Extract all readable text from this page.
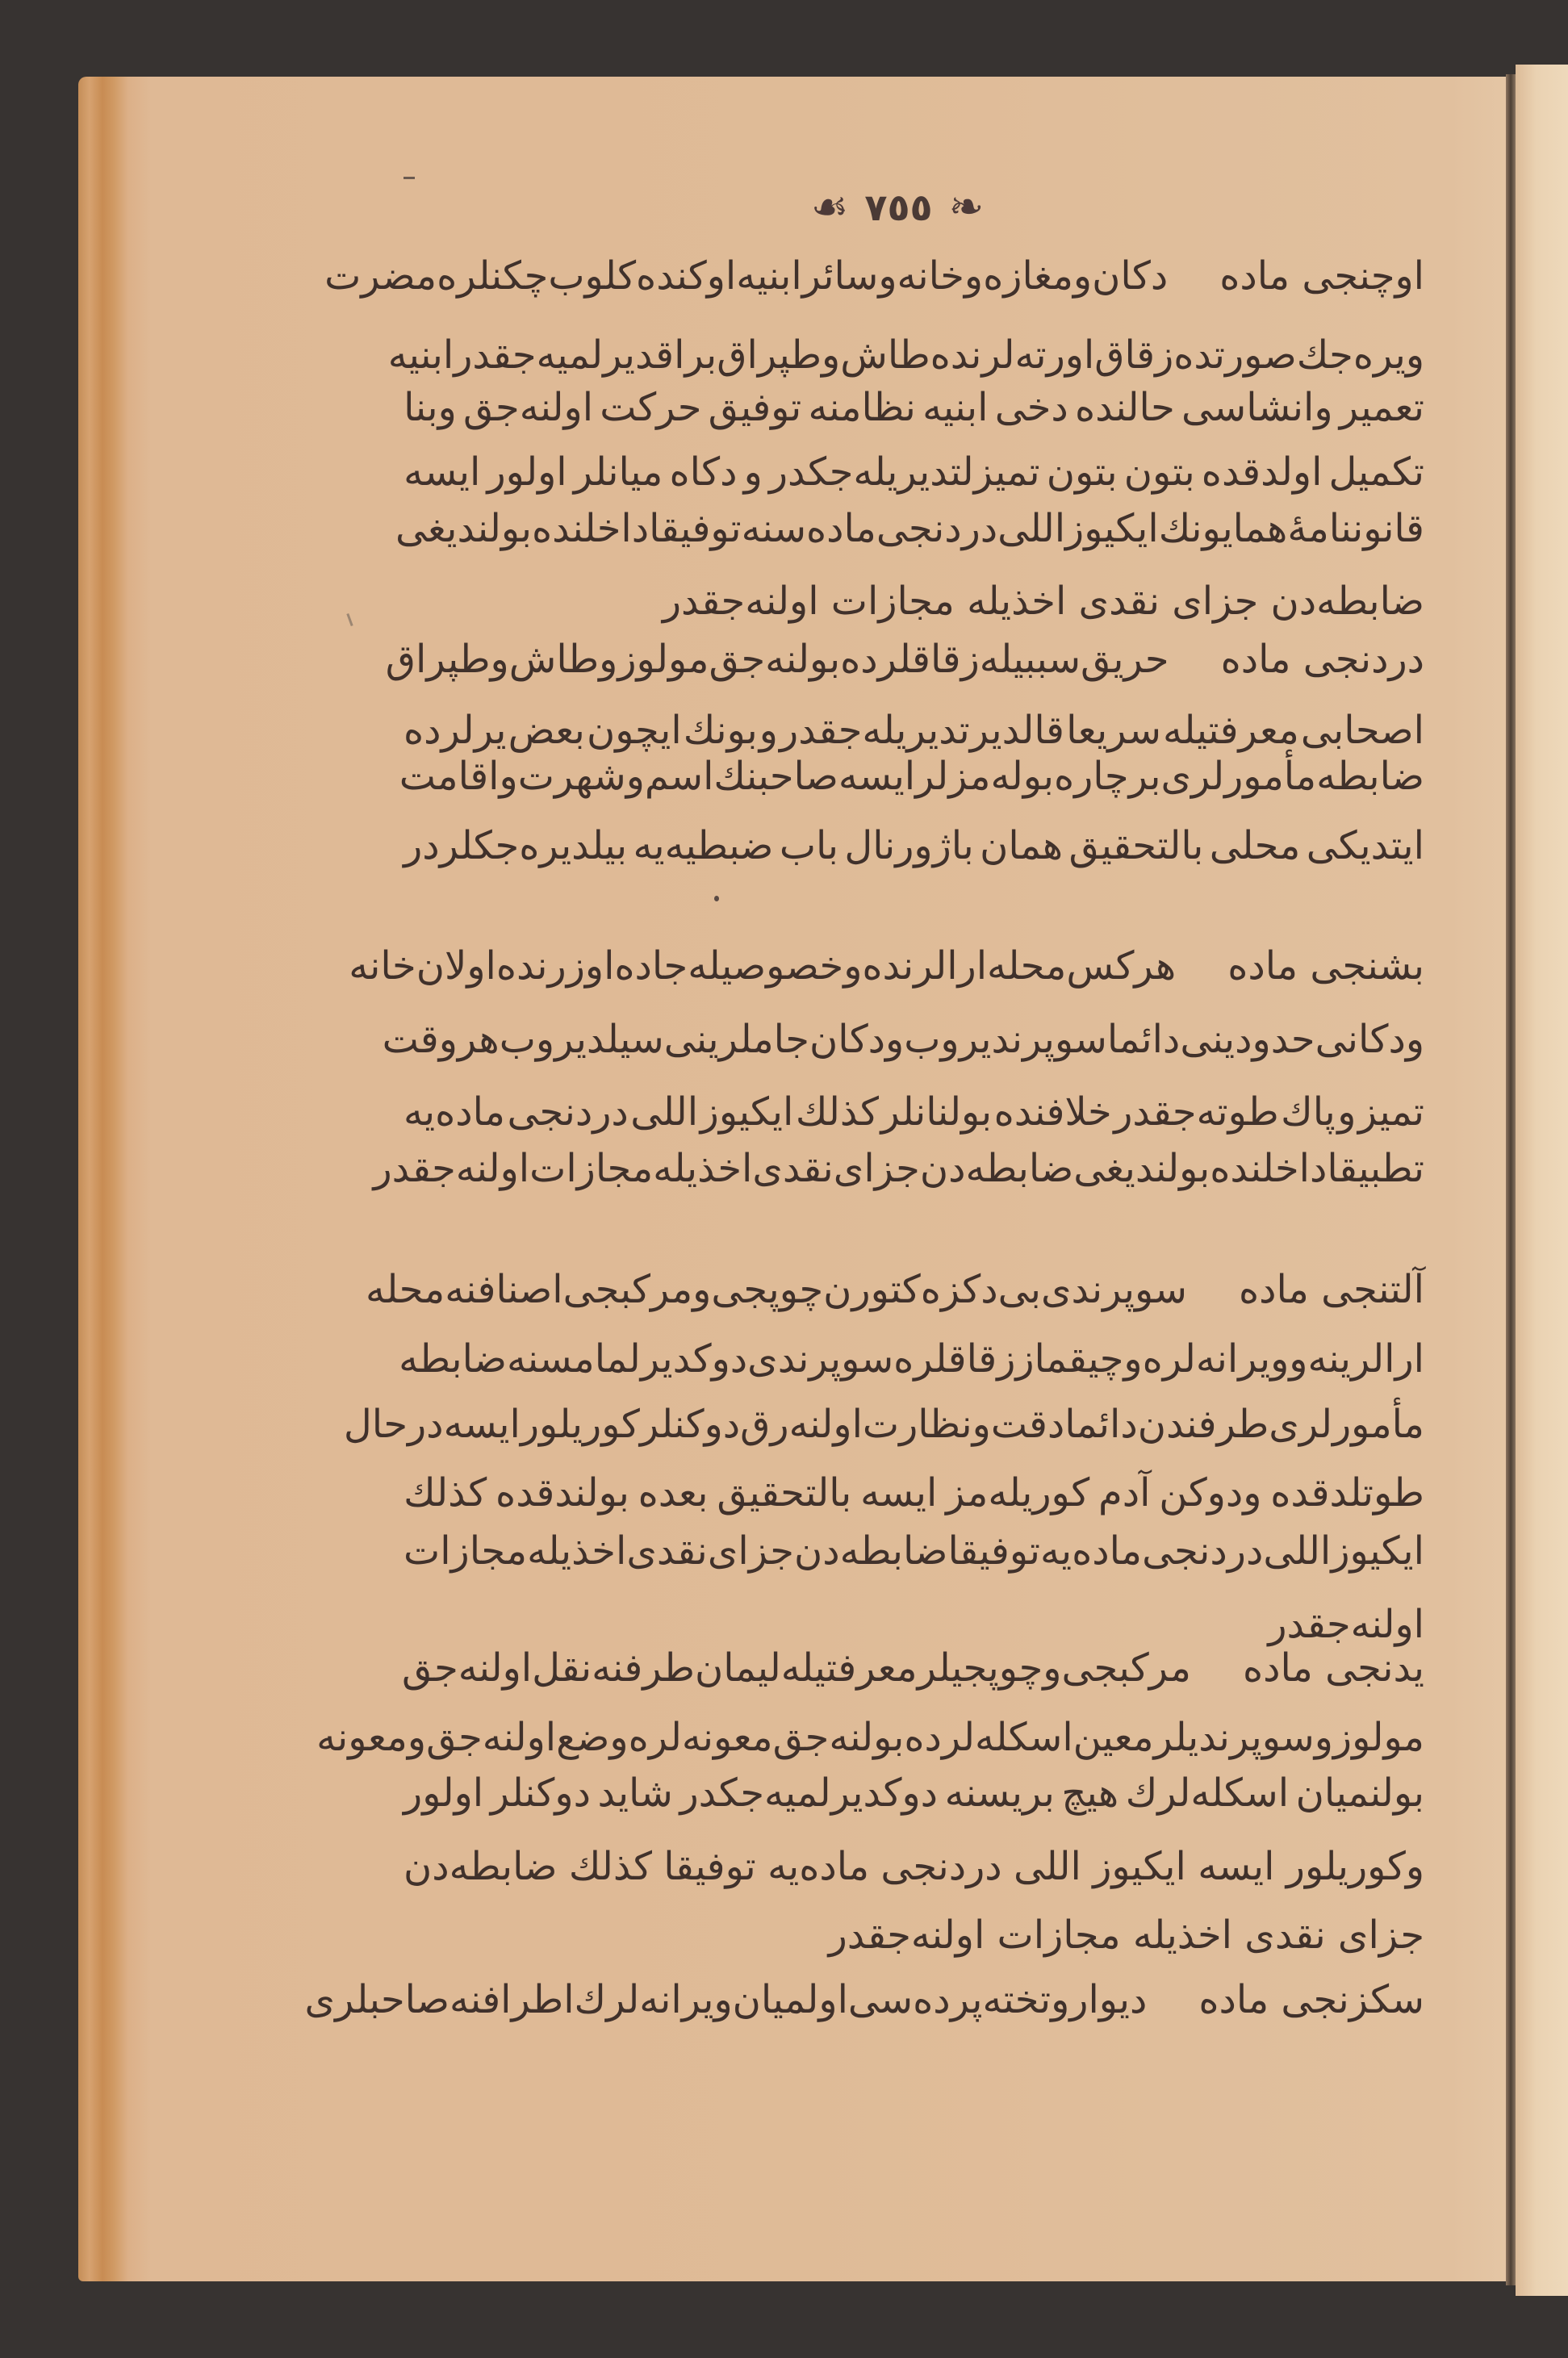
☙ ٧٥٥ ❧
اوچنجی ماده
دکان
ومغازه
وخانه
وسائر
ابنیه
اوکنده
کلوب
چکنلره
مضرت
ویره‌جك
صورتده
زقاق
اورته‌لرنده
طاش
وطپراق
براقدیرلمیه‌جقدر
ابنیه
تعمیر
وانشاسی
حالنده
دخی
ابنیه
نظامنه
توفیق
حرکت
اولنه‌جق
وبنا
تکمیل
اولدقده
بتون
بتون
تمیزلتدیریله‌جکدر
و
دکاه
میانلر
اولور
ایسه
قانوننامهٔ
همایونك
ایکیوز
اللی
دردنجی
ماده‌سنه
توفیقا
داخلنده
بولندیغی
ضابطه‌دن جزای نقدی اخذیله مجازات اولنه‌جقدر
دردنجی ماده
حریق
سببیله
زقاقلرده
بولنه‌جق
مولوز
وطاش
وطپراق
اصحابی
معرفتیله
سریعا
قالدیرتدیریله‌جقدر
و
بونك
ایچون
بعض
یرلرده
ضابطه
مأمورلری
برچاره
بوله‌مزلر
ایسه
صاحبنك
اسم
وشهرت
واقامت
ایتدیکی
محلی
بالتحقیق
همان
باژورنال
باب
ضبطیه‌یه
بیلدیره‌جکلردر
بشنجی ماده
هرکس
محله
ارالرنده
وخصوصیله
جاده
اوزرنده
اولان
خانه
ودکانی
حدودینی
دائماسو
پرندیروب
ودکان
جاملرینی
سیلدیروب
هروقت
تمیز
و
پاك
طوته‌جقدر
خلافنده
بولنانلر
کذلك
ایکیوز
اللی
دردنجی
ماده‌یه
تطبیقا
داخلنده
بولندیغی
ضابطه‌دن
جزای
نقدی
اخذیله
مجازات
اولنه‌جقدر
آلتنجی ماده
سو
پرندی
بی
دکزه
کتورن
چوپجی
ومرکبجی
اصنافنه
محله
ارالرینه
وویرانه‌لره
و
چیقماز
زقاقلره
سو
پرندی
دوکدیرلمامسنه
ضابطه
مأمورلری
طرفندن
دائما
دقت
ونظارت
اولنه‌رق
دوکنلر
کوریلور
ایسه
درحال
طوتلدقده
ودوکن
آدم
کوریله‌مز
ایسه
بالتحقیق
بعده
بولندقده
کذلك
ایکیوز
اللی
دردنجی
ماده‌یه
توفیقا
ضابطه‌دن
جزای
نقدی
اخذیله
مجازات
اولنه‌جقدر
یدنجی ماده
مرکبجی
وچوپجیلر
معرفتیله
لیمان
طرفنه
نقل
اولنه‌جق
مولوز
وسو
پرندیلر
معین
اسکله‌لرده
بولنه‌جق
معونه‌لره
وضع
اولنه‌جق
ومعونه
بولنمیان
اسکله‌لرك
هیچ
بریسنه
دوکدیرلمیه‌جکدر
شاید
دوکنلر
اولور
وکوریلور
ایسه
ایکیوز
اللی
دردنجی
ماده‌یه
توفیقا
کذلك
ضابطه‌دن
جزای نقدی اخذیله مجازات اولنه‌جقدر
سکزنجی ماده
دیوار
وتخته
پرده‌سی
اولمیان
ویرانه‌لرك
اطرافنه
صاحبلری
